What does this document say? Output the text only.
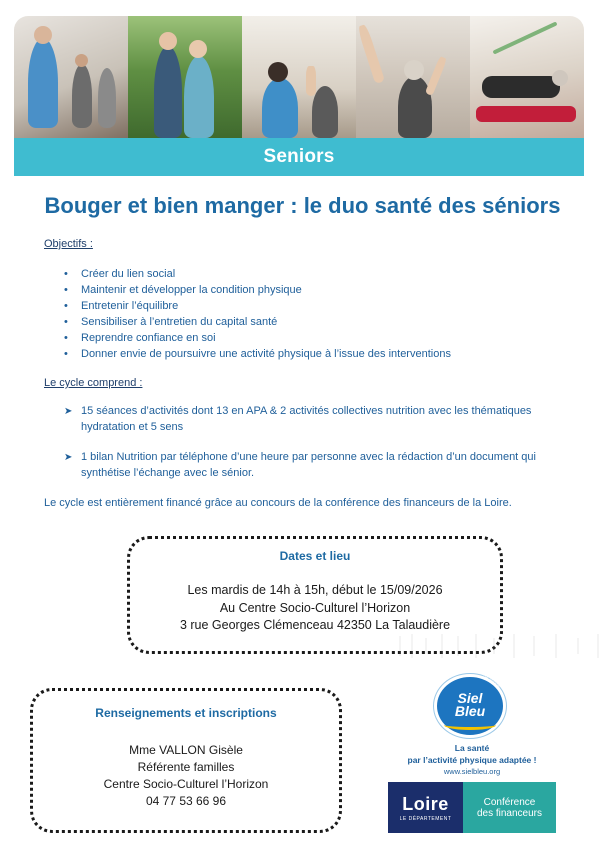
Seniors
Bouger et bien manger : le duo santé des séniors
Objectifs :
• Créer du lien social
• Maintenir et développer la condition physique
• Entretenir l’équilibre
• Sensibiliser à l’entretien du capital santé
• Reprendre confiance en soi
• Donner envie de poursuivre une activité physique à l’issue des interventions
Le cycle comprend :
➤ 15 séances d’activités dont 13 en APA & 2 activités collectives nutrition avec les thématiques
hydratation et 5 sens
➤ 1 bilan Nutrition par téléphone d’une heure par personne avec la rédaction d’un document qui
synthétise l’échange avec le sénior.
Le cycle est entièrement financé grâce au concours de la conférence des financeurs de la Loire.
Dates et lieu
Les mardis de 14h à 15h, début le 15/09/2026
Au Centre Socio-Culturel l’Horizon
3 rue Georges Clémenceau 42350 La Talaudière
Renseignements et inscriptions
Mme VALLON Gisèle
Référente familles
Centre Socio-Culturel l’Horizon
04 77 53 66 96
ASSOCIATION
Siel
Bleu
La santé
par l’activité physique adaptée !
www.sielbleu.org
Loire
LE DÉPARTEMENT
Conférence
des financeurs
